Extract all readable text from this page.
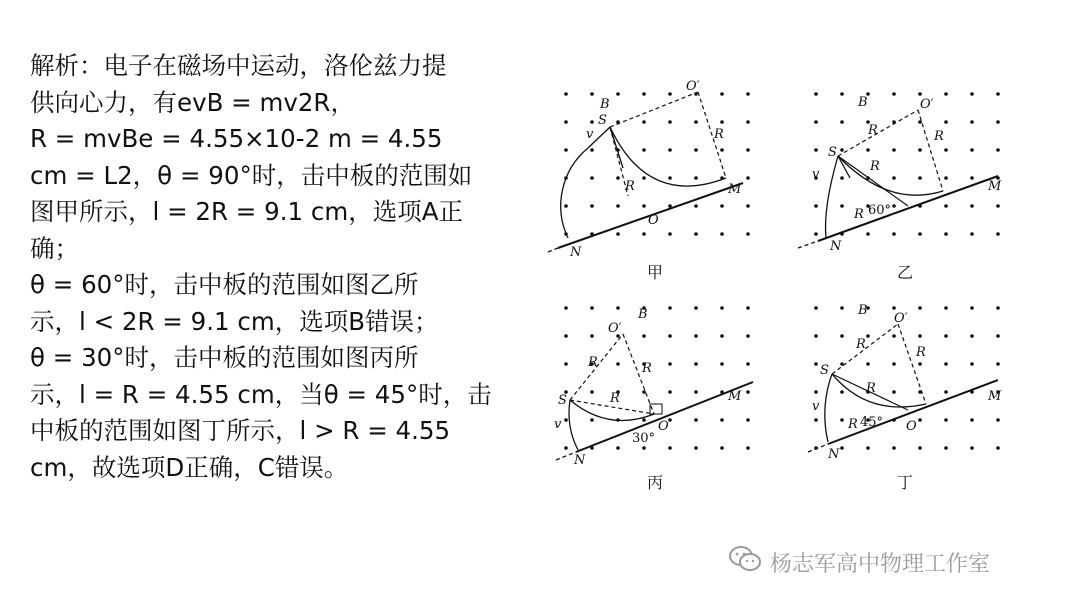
解析：电子在磁场中运动，洛伦兹力提
供向心力，有evB = mv2R，
R = mvBe = 4.55×10-2 m = 4.55
cm = L2，θ = 90°时，击中板的范围如
图甲所示，l = 2R = 9.1 cm，选项A正
确；
θ = 60°时，击中板的范围如图乙所
示，l < 2R = 9.1 cm，选项B错误；
θ = 30°时，击中板的范围如图丙所
示，l = R = 4.55 cm，当θ = 45°时，击
中板的范围如图丁所示，l > R = 4.55
cm，故选项D正确，C错误。
B
O′
S
v
R
R
O
M
N
甲
B	O′
S
v
R	R
R
R 60°
M
N
乙
B
O′
S
v
R	R
R
30°
O
M
N
丙
B
O′
S
v
R
R
R
R 45° O
M
N
丁
杨志军高中物理工作室
